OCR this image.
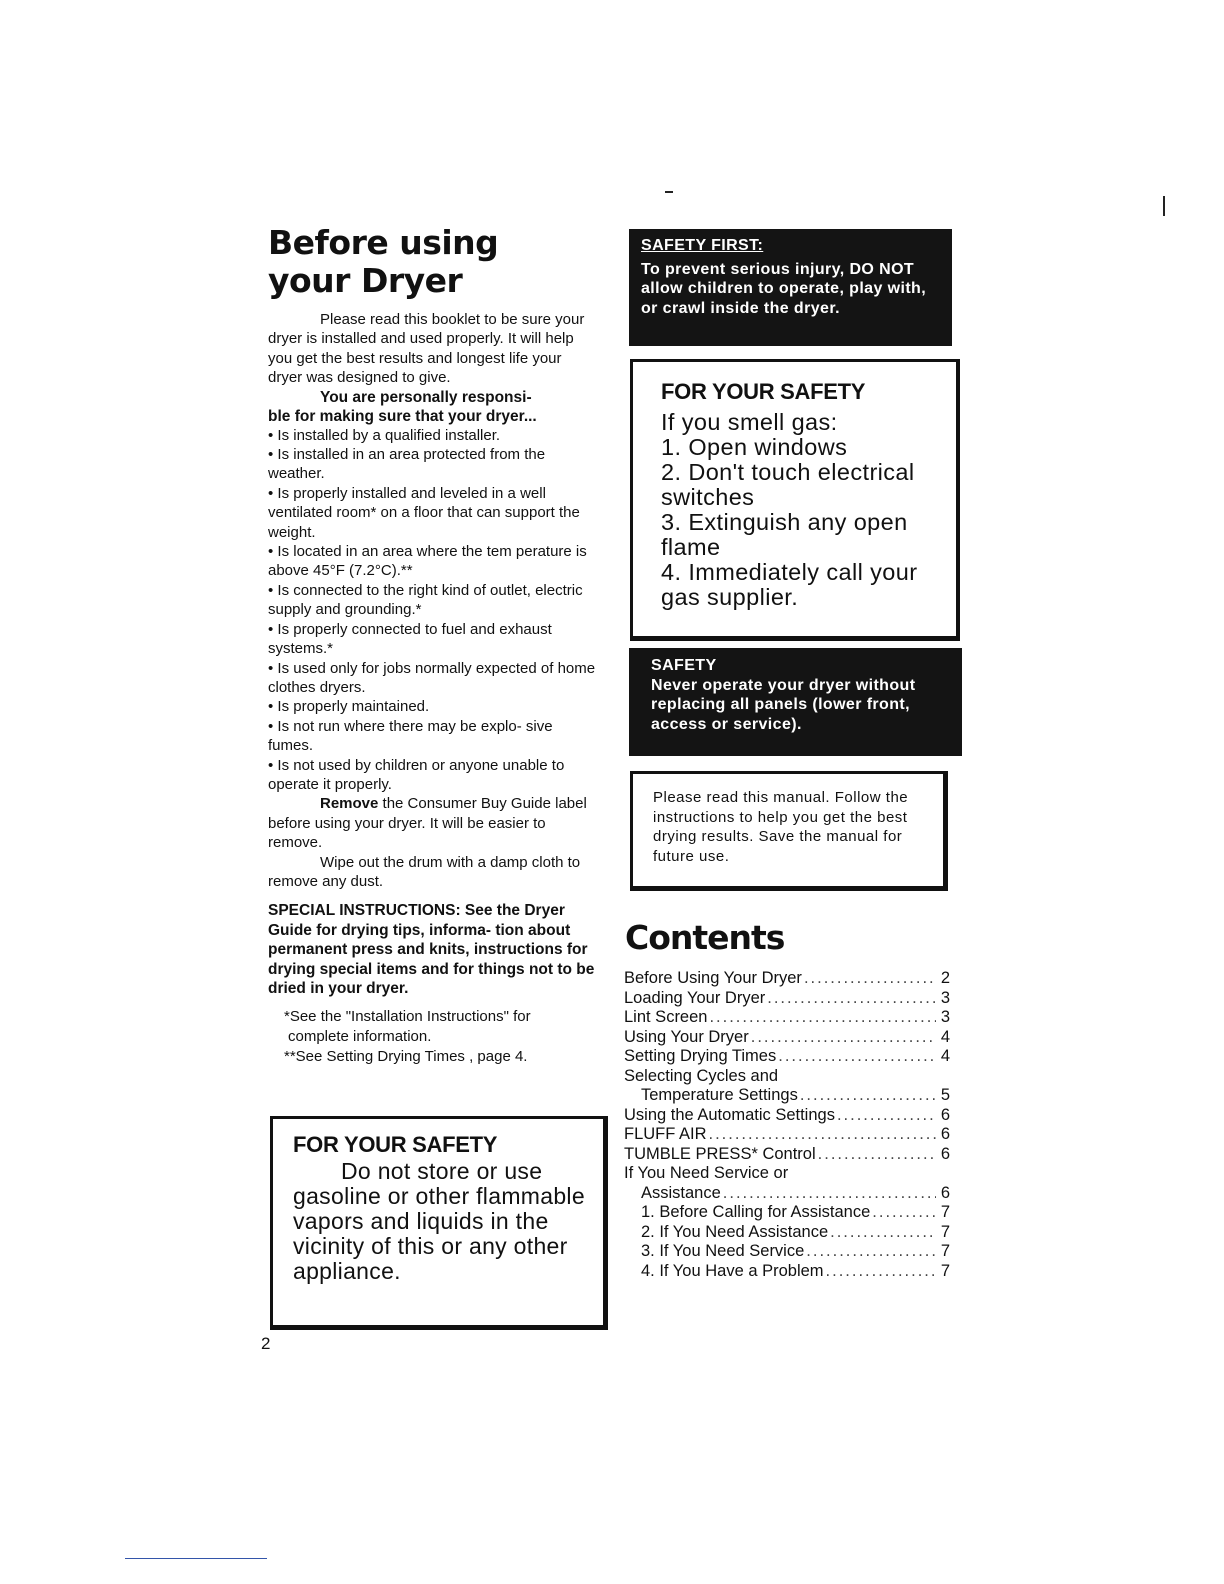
Before using
your Dryer
Please read this booklet to be sure your dryer is installed and used properly. It will help you get the best results and longest life your dryer was designed to give.
You are personally responsi-
ble for making sure that your dryer...
• Is installed by a qualified installer.
• Is installed in an area protected from the weather.
• Is properly installed and leveled in a well ventilated room* on a floor that can support the weight.
• Is located in an area where the tem perature is above 45°F (7.2°C).**
• Is connected to the right kind of outlet, electric supply and grounding.*
• Is properly connected to fuel and exhaust systems.*
• Is used only for jobs normally expected of home clothes dryers.
• Is properly maintained.
• Is not run where there may be explo- sive fumes.
• Is not used by children or anyone unable to operate it properly.
Remove the Consumer Buy Guide label before using your dryer. It will be easier to remove.
Wipe out the drum with a damp cloth to remove any dust.
SPECIAL INSTRUCTIONS: See the Dryer Guide for drying tips, informa- tion about permanent press and knits, instructions for drying special items and for things not to be dried in your dryer.
*See the "Installation Instructions" for
complete information.
**See Setting Drying Times , page 4.
FOR YOUR SAFETY
Do not store or use
gasoline or other flammable vapors and liquids in the vicinity of this or any other appliance.
2
SAFETY FIRST:
To prevent serious injury, DO NOT allow children to operate, play with, or crawl inside the dryer.
FOR YOUR SAFETY
If you smell gas:
1. Open windows
2. Don't touch electrical switches
3. Extinguish any open flame
4. Immediately call your gas supplier.
SAFETY
Never operate your dryer without replacing all panels (lower front, access or service).
Please read this manual. Follow the instructions to help you get the best drying results. Save the manual for future use.
Contents
Before Using Your Dryer .....	2
Loading Your Dryer .....	3
Lint Screen .....	3
Using Your Dryer .....	4
Setting Drying Times .....	4
Selecting Cycles and
Temperature Settings .....	5
Using the Automatic Settings .....	6
FLUFF AIR .....	6
TUMBLE PRESS* Control .....	6
If You Need Service or
Assistance .....	6
1. Before Calling for Assistance .....	7
2. If You Need Assistance .....	7
3. If You Need Service .....	7
4. If You Have a Problem .....	7
